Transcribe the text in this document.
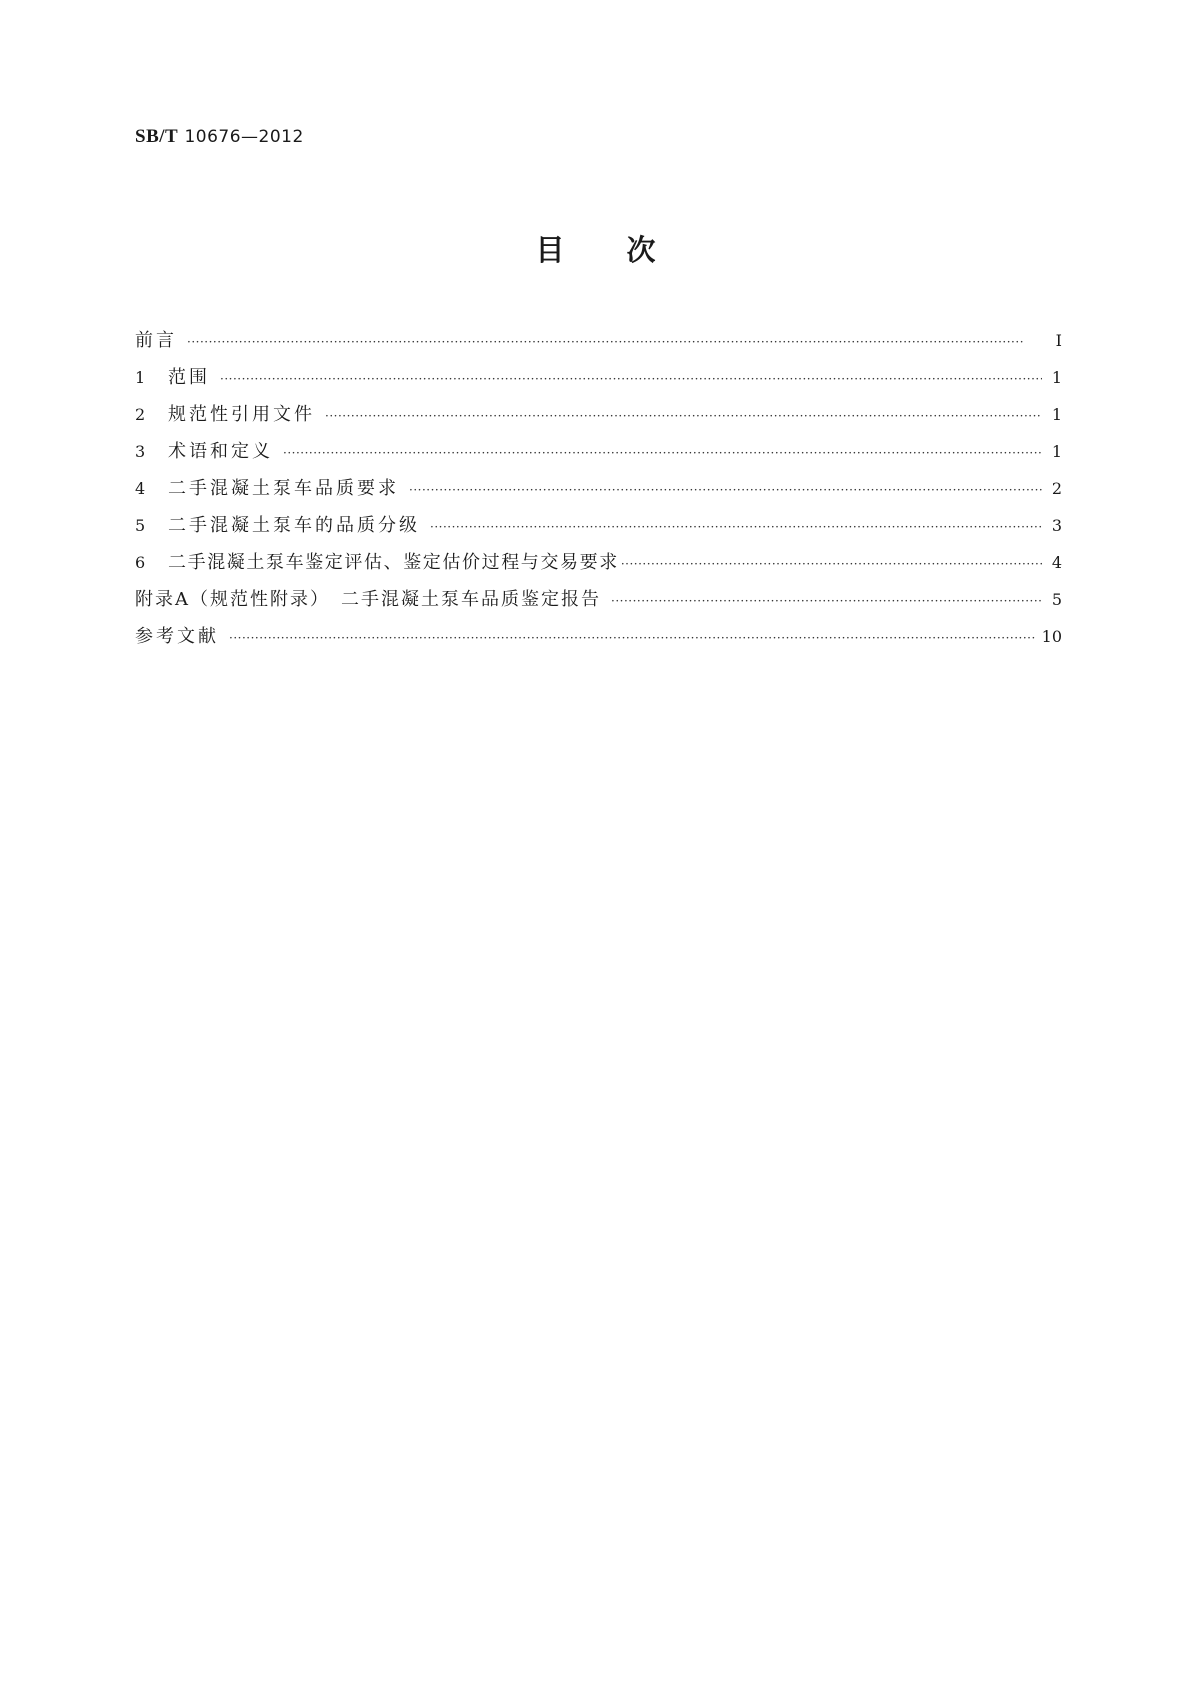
SB/T 10676—2012
目次
前言 ·····	Ⅰ
1	范围 ·····	1
2	规范性引用文件 ·····	1
3	术语和定义 ·····	1
4	二手混凝土泵车品质要求 ·····	2
5	二手混凝土泵车的品质分级 ·····	3
6	二手混凝土泵车鉴定评估、鉴定估价过程与交易要求 ·····	4
附录A（规范性附录）　二手混凝土泵车品质鉴定报告 ·····	5
参考文献 ·····	10
